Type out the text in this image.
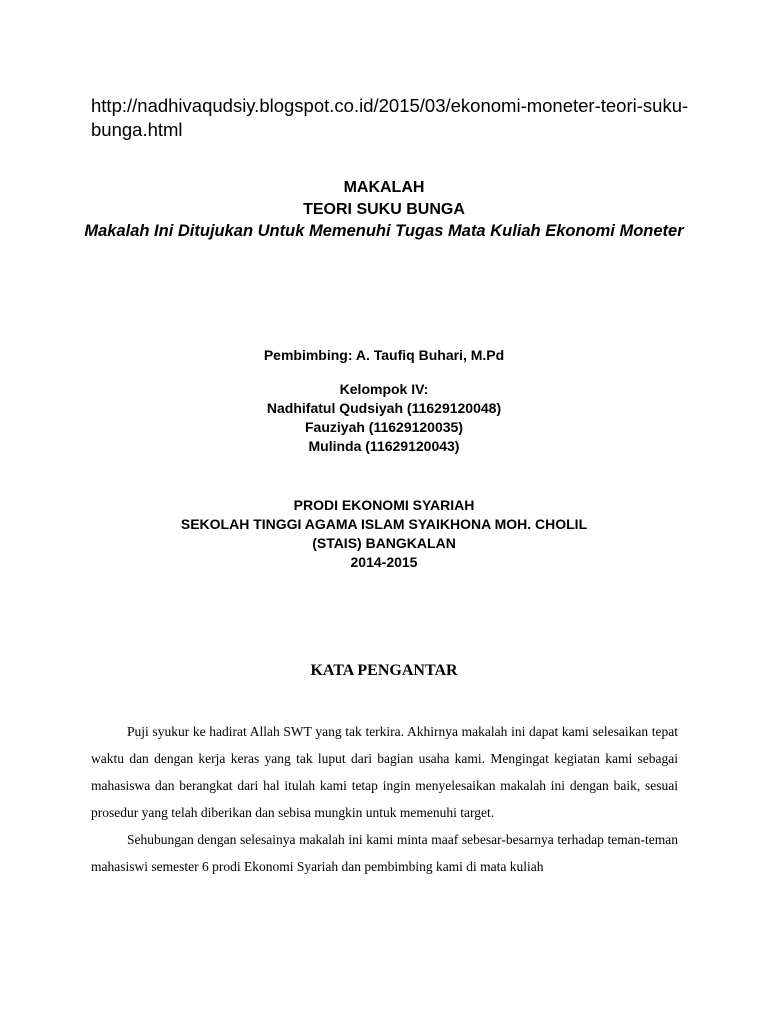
http://nadhivaqudsiy.blogspot.co.id/2015/03/ekonomi-moneter-teori-suku-bunga.html

MAKALAH

TEORI SUKU BUNGA

Makalah Ini Ditujukan Untuk Memenuhi Tugas Mata Kuliah Ekonomi Moneter

Pembimbing: A. Taufiq Buhari, M.Pd

Kelompok IV:

Nadhifatul Qudsiyah (11629120048)

Fauziyah (11629120035)

Mulinda (11629120043)

PRODI EKONOMI SYARIAH

SEKOLAH TINGGI AGAMA ISLAM SYAIKHONA MOH. CHOLIL

(STAIS) BANGKALAN

2014-2015

KATA PENGANTAR

Puji syukur ke hadirat Allah SWT yang tak terkira. Akhirnya makalah ini dapat kami selesaikan tepat waktu dan dengan kerja keras yang tak luput dari bagian usaha kami. Mengingat kegiatan kami sebagai mahasiswa dan berangkat dari hal itulah kami tetap ingin menyelesaikan makalah ini dengan baik, sesuai prosedur yang telah diberikan dan sebisa mungkin untuk memenuhi target.

Sehubungan dengan selesainya makalah ini kami minta maaf sebesar-besarnya terhadap teman-teman mahasiswi semester 6 prodi Ekonomi Syariah dan pembimbing kami di mata kuliah
